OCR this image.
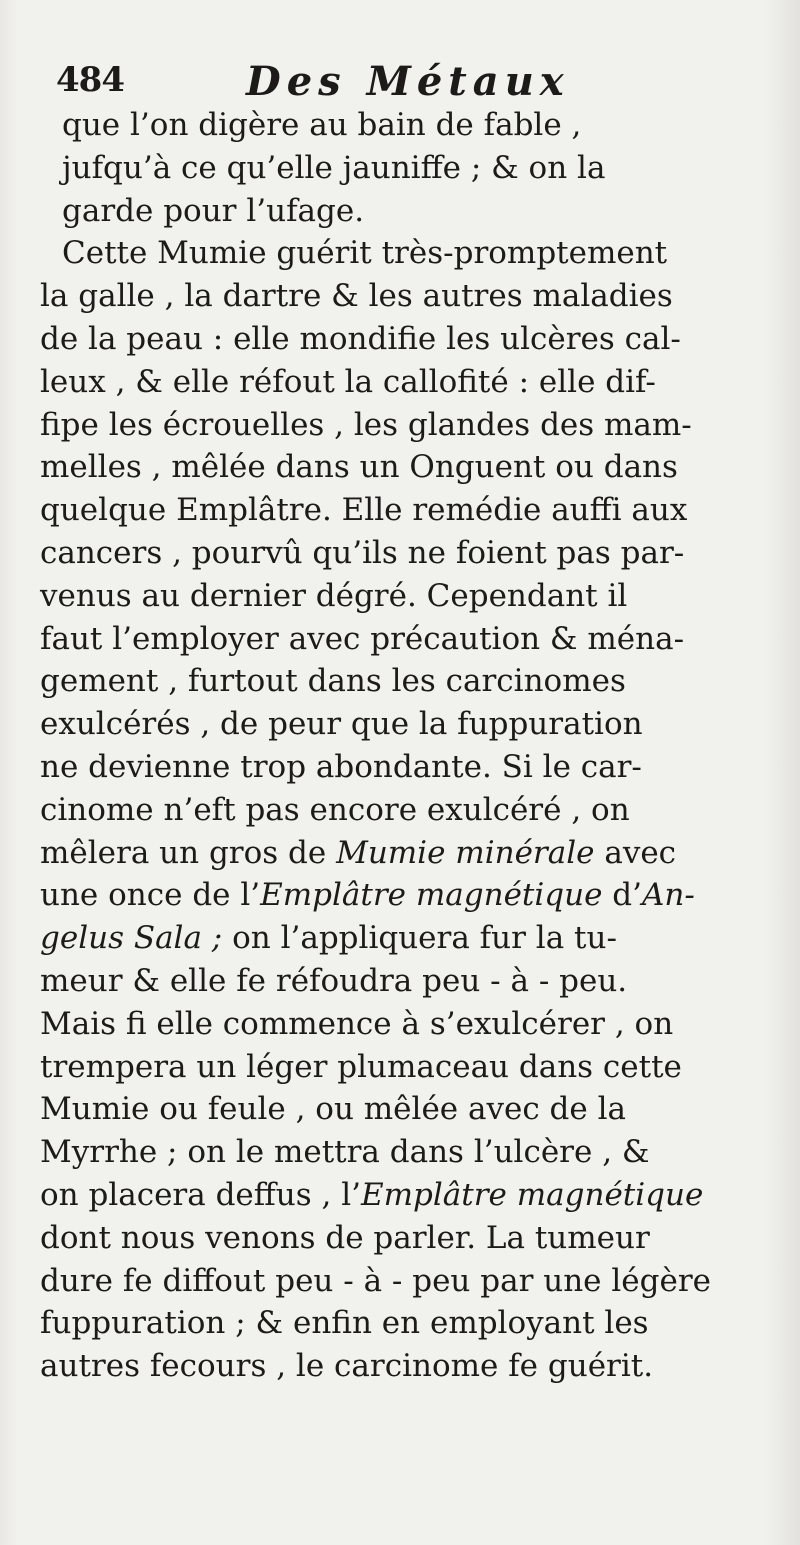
484	Des Métaux
que l’on digère au bain de fable ,
jufqu’à ce qu’elle jauniffe ; & on la
garde pour l’ufage.
Cette Mumie guérit très-promptement
la galle , la dartre & les autres maladies
de la peau : elle mondifie les ulcères cal-
leux , & elle réfout la callofité : elle dif-
fipe les écrouelles , les glandes des mam-
melles , mêlée dans un Onguent ou dans
quelque Emplâtre. Elle remédie auffi aux
cancers , pourvû qu’ils ne foient pas par-
venus au dernier dégré. Cependant il
faut l’employer avec précaution & ména-
gement , furtout dans les carcinomes
exulcérés , de peur que la fuppuration
ne devienne trop abondante. Si le car-
cinome n’eft pas encore exulcéré , on
mêlera un gros de Mumie minérale avec
une once de l’Emplâtre magnétique d’An-
gelus Sala ; on l’appliquera fur la tu-
meur & elle fe réfoudra peu - à - peu.
Mais fi elle commence à s’exulcérer , on
trempera un léger plumaceau dans cette
Mumie ou feule , ou mêlée avec de la
Myrrhe ; on le mettra dans l’ulcère , &
on placera deffus , l’Emplâtre magnétique
dont nous venons de parler. La tumeur
dure fe diffout peu - à - peu par une légère
fuppuration ; & enfin en employant les
autres fecours , le carcinome fe guérit.
